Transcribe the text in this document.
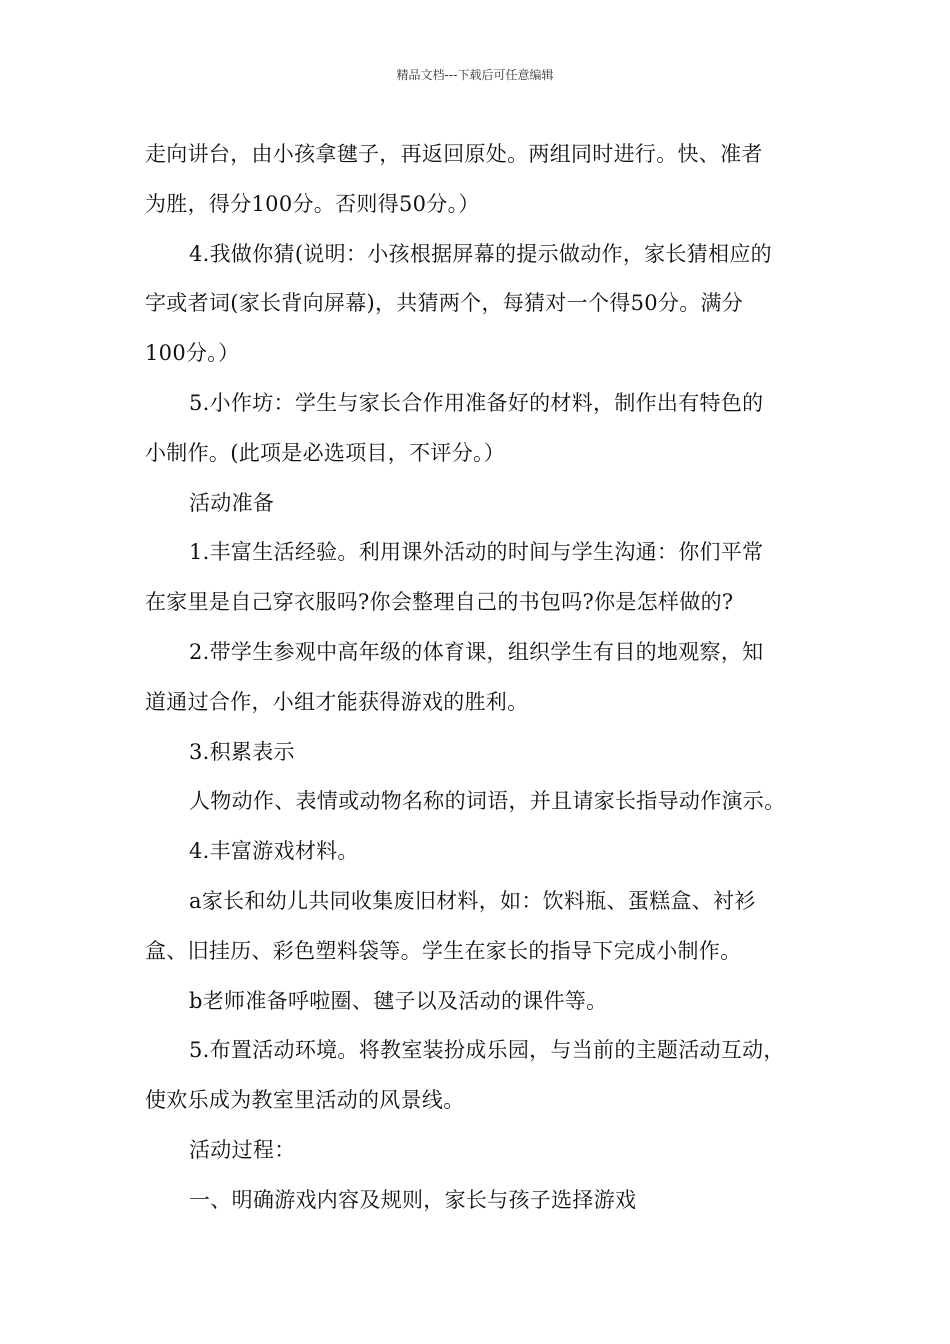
精品文档---下载后可任意编辑
走向讲台，由小孩拿毽子，再返回原处。两组同时进行。快、准者
为胜，得分100分。否则得50分。）
4.我做你猜(说明：小孩根据屏幕的提示做动作，家长猜相应的
字或者词(家长背向屏幕)，共猜两个，每猜对一个得50分。满分
100分。）
5.小作坊：学生与家长合作用准备好的材料，制作出有特色的
小制作。(此项是必选项目，不评分。）
活动准备
1.丰富生活经验。利用课外活动的时间与学生沟通：你们平常
在家里是自己穿衣服吗?你会整理自己的书包吗?你是怎样做的?
2.带学生参观中高年级的体育课，组织学生有目的地观察，知
道通过合作，小组才能获得游戏的胜利。
3.积累表示
人物动作、表情或动物名称的词语，并且请家长指导动作演示。
4.丰富游戏材料。
a家长和幼儿共同收集废旧材料，如：饮料瓶、蛋糕盒、衬衫
盒、旧挂历、彩色塑料袋等。学生在家长的指导下完成小制作。
b老师准备呼啦圈、毽子以及活动的课件等。
5.布置活动环境。将教室装扮成乐园，与当前的主题活动互动，
使欢乐成为教室里活动的风景线。
活动过程：
一、明确游戏内容及规则，家长与孩子选择游戏
